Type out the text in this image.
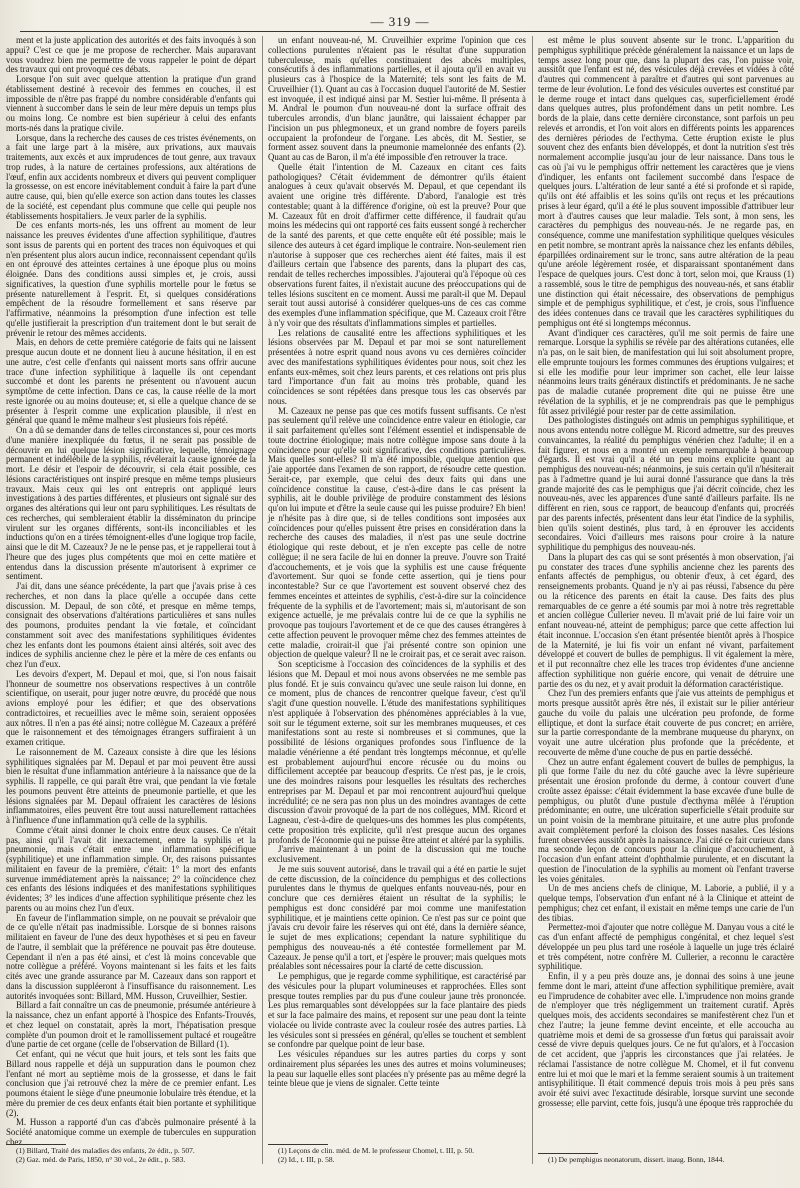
— 319 —

ment et la juste application des autorités et des faits invoqués à son appui? C'est ce que je me propose de rechercher. Mais auparavant vous voudrez bien me permettre de vous rappeler le point de départ des travaux qui ont provoqué ces débats.

Lorsque l'on suit avec quelque attention la pratique d'un grand établissement destiné à recevoir des femmes en couches, il est impossible de n'être pas frappé du nombre considérable d'enfants qui viennent à succomber dans le sein de leur mère depuis un temps plus ou moins long. Ce nombre est bien supérieur à celui des enfants morts-nés dans la pratique civile.

Lorsque, dans la recherche des causes de ces tristes événements, on a fait une large part à la misère, aux privations, aux mauvais traitements, aux excès et aux imprudences de tout genre, aux travaux trop rudes, à la nature de certaines professions, aux altérations de l'œuf, enfin aux accidents nombreux et divers qui peuvent compliquer la grossesse, on est encore inévitablement conduit à faire la part d'une autre cause, qui, bien qu'elle exerce son action dans toutes les classes de la société, est cependant plus commune que celle qui peuple nos établissements hospitaliers. Je veux parler de la syphilis.

De ces enfants morts-nés, les uns offrent au moment de leur naissance les preuves évidentes d'une affection syphilitique, d'autres sont issus de parents qui en portent des traces non équivoques et qui n'en présentent plus alors aucun indice, reconnaissent cependant qu'ils en ont éprouvé des atteintes certaines à une époque plus ou moins éloignée. Dans des conditions aussi simples et, je crois, aussi significatives, la question d'une syphilis mortelle pour le fœtus se présente naturellement à l'esprit. Et, si quelques considérations empêchent de la résoudre formellement et sans réserve par l'affirmative, néanmoins la présomption d'une infection est telle qu'elle justifierait la prescription d'un traitement dont le but serait de prévenir le retour des mêmes accidents.

Mais, en dehors de cette première catégorie de faits qui ne laissent presque aucun doute et ne donnent lieu à aucune hésitation, il en est une autre, c'est celle d'enfants qui naissent morts sans offrir aucune trace d'une infection syphilitique à laquelle ils ont cependant succombé et dont les parents ne présentent ou n'avouent aucun symptôme de cette infection. Dans ce cas, la cause réelle de la mort reste ignorée ou au moins douteuse; et, si elle a quelque chance de se présenter à l'esprit comme une explication plausible, il n'est en général que quand le même malheur s'est plusieurs fois répété.

On a dû se demander dans de telles circonstances si, pour ces morts d'une manière inexpliquée du fœtus, il ne serait pas possible de découvrir en lui quelque lésion significative, lequelle, témoignage permanent et indélébile de la syphilis, révélerait la cause ignorée de la mort. Le désir et l'espoir de découvrir, si cela était possible, ces lésions caractéristiques ont inspiré presque en même temps plusieurs travaux. Mais ceux qui les ont entrepris ont appliqué leurs investigations à des parties différentes, et plusieurs ont signalé sur des organes des altérations qui leur ont paru syphilitiques. Les résultats de ces recherches, qui sembleraient établir la disséminaton du principe virulent sur les organes différents, sont-ils inconciliables et les inductions qu'on en a tirées témoignent-elles d'une logique trop facile, ainsi que le dit M. Cazeaux? Je ne le pense pas, et je rappellerai tout à l'heure que des juges plus compétents que moi en cette matière et entendus dans la discussion présente m'autorisent à exprimer ce sentiment.

J'ai dit, dans une séance précédente, la part que j'avais prise à ces recherches, et non dans la place qu'elle a occupée dans cette discussion. M. Depaul, de son côté, et presque en même temps, consignait des observations d'altérations particulières et sans nulles des poumons, produites pendant la vie fœtale, et coïncidant constamment soit avec des manifestations syphilitiques évidentes chez les enfants dont les poumons étaient ainsi altérés, soit avec des indices de syphilis ancienne chez le père et la mère de ces enfants ou chez l'un d'eux.

Les devoirs d'expert, M. Depaul et moi, que, si l'on nous faisait l'honneur de soumettre nos observations respectives à un contrôle scientifique, on userait, pour juger notre œuvre, du procédé que nous avions employé pour les édifier; et que des observations contradictoires, et recueillies avec le même soin, seraient opposées aux nôtres. Il n'en a pas été ainsi; notre collègue M. Cazeaux a préféré que le raisonnement et des témoignages étrangers suffiraient à un examen critique.

Le raisonnement de M. Cazeaux consiste à dire que les lésions syphilitiques signalées par M. Depaul et par moi peuvent être aussi bien le résultat d'une inflammation antérieure à la naissance que de la syphilis. Il rappelle, ce qui paraît être vrai, que pendant la vie fœtale les poumons peuvent être atteints de pneumonie partielle, et que les lésions signalées par M. Depaul offraient les caractères de lésions inflammatoires, elles peuvent être tout aussi naturellement rattachées à l'influence d'une inflammation qu'à celle de la syphilis.

Comme c'était ainsi donner le choix entre deux causes. Ce n'était pas, ainsi qu'il l'avait dit inexactement, entre la syphilis et la pneumonie, mais c'était entre une inflammation spécifique (syphilitique) et une inflammation simple. Or, des raisons puissantes militaient en faveur de la première, c'était: 1° la mort des enfants survenue immédiatement après la naissance; 2° la coïncidence chez ces enfants des lésions indiquées et des manifestations syphilitiques évidentes; 3° les indices d'une affection syphilitique présente chez les parents ou au moins chez l'un d'eux.

En faveur de l'inflammation simple, on ne pouvait se prévaloir que de ce qu'elle n'était pas inadmissible. Lorsque de si bonnes raisons militaient en faveur de l'une des deux hypothèses et si peu en faveur de l'autre, il semblait que la préférence ne pouvait pas être douteuse. Cependant il n'en a pas été ainsi, et c'est là moins concevable que notre collègue a préféré. Voyons maintenant si les faits et les faits cités avec une grande assurance par M. Cazeaux dans son rapport et dans la discussion suppléeront à l'insuffisance du raisonnement. Les autorités invoquées sont: Billard, MM. Husson, Cruveilhier, Sestier.

Billard a fait connaître un cas de pneumonie, présumée antérieure à la naissance, chez un enfant apporté à l'hospice des Enfants-Trouvés, et chez lequel on constatait, après la mort, l'hépatisation presque complète d'un poumon droit et le ramollissement pultacé et rougeâtre d'une partie de cet organe (celle de l'observation de Billard (1).

Cet enfant, qui ne vécut que huit jours, et tels sont les faits que Billard nous rappelle et déjà un suppuration dans le poumon chez l'enfant né mort au septième mois de la grossesse, et dans le fait conclusion que j'ai retrouvé chez la mère de ce premier enfant. Les poumons étaient le siège d'une pneumonie lobulaire très étendue, et la mère du premier de ces deux enfants était bien portante et syphilitique (2).

M. Husson a rapporté d'un cas d'abcès pulmonaire présenté à la Société anatomique comme un exemple de tubercules en suppuration chez

(1) Billard, Traité des maladies des enfants, 2e édit., p. 507.

(2) Gaz. méd. de Paris, 1850, n° 30 vol., 2e édit., p. 583.

un enfant nouveau-né, M. Cruveilhier exprime l'opinion que ces collections purulentes n'étaient pas le résultat d'une suppuration tuberculeuse, mais qu'elles constituaient des abcès multiples, consécutifs à des inflammations partielles, et il ajouta qu'il en avait vu plusieurs cas à l'hospice de la Maternité; tels sont les faits de M. Cruveilhier (1). Quant au cas à l'occasion duquel l'autorité de M. Sestier est invoquée, il est indiqué ainsi par M. Sestier lui-même. Il présenta à M. Andral le poumon d'un nouveau-né dont la surface offrait des tubercules arrondis, d'un blanc jaunâtre, qui laissaient échapper par l'incision un pus phlegmoneux, et un grand nombre de foyers pareils occupaient la profondeur de l'organe. Les abcès, dit M. Sestier, se forment assez souvent dans la pneumonie mamelonnée des enfants (2). Quant au cas de Baron, il m'a été impossible d'en retrouver la trace.

Quelle était l'intention de M. Cazeaux en citant ces faits pathologiques? C'était évidemment de démontrer qu'ils étaient analogues à ceux qu'avait observés M. Depaul, et que cependant ils avaient une origine très différente. D'abord, l'analogie est très contestable; quant à la différence d'origine, où est la preuve? Pour que M. Cazeaux fût en droit d'affirmer cette différence, il faudrait qu'au moins les médecins qui ont rapporté ces faits eussent songé à rechercher de la santé des parents, et que cette enquête eût été possible; mais le silence des auteurs à cet égard implique le contraire. Non-seulement rien n'autorise à supposer que ces recherches aient été faites, mais il est d'ailleurs certain que l'absence des parents, dans la plupart des cas, rendait de telles recherches impossibles. J'ajouterai qu'à l'époque où ces observations furent faites, il n'existait aucune des préoccupations qui de telles lésions suscitent en ce moment. Aussi me paraît-il que M. Depaul serait tout aussi autorisé à considérer quelques-uns de ces cas comme des exemples d'une inflammation spécifique, que M. Cazeaux croit l'être à n'y voir que des résultats d'inflammations simples et partielles.

Les relations de causalité entre les affections syphilitiques et les lésions observées par M. Depaul et par moi se sont naturellement présentées à notre esprit quand nous avons vu ces dernières coïncider avec des manifestations syphilitiques évidentes pour nous, soit chez les enfants eux-mêmes, soit chez leurs parents, et ces relations ont pris plus tard l'importance d'un fait au moins très probable, quand les coïncidences se sont répétées dans presque tous les cas observés par nous.

M. Cazeaux ne pense pas que ces motifs fussent suffisants. Ce n'est pas seulement qu'il relève une coïncidence entre valeur en étiologie, car il sait parfaitement qu'elles sont l'élément essentiel et indispensable de toute doctrine étiologique; mais notre collègue impose sans doute à la coïncidence pour qu'elle soit significative, des conditions particulières. Mais quelles sont-elles? Il m'a été impossible, quelque attention que j'aie apportée dans l'examen de son rapport, de résoudre cette question. Serait-ce, par exemple, que celui des deux faits qui dans une coïncidence constitue la cause, c'est-à-dire dans le cas présent la syphilis, ait le double privilège de produire constamment des lésions qu'on lui impute et d'être la seule cause qui les puisse produire? Eh bien! je n'hésite pas à dire que, si de telles conditions sont imposées aux coïncidences pour qu'elles puissent être prises en considération dans la recherche des causes des maladies, il n'est pas une seule doctrine étiologique qui reste debout, et je n'en excepte pas celle de notre collègue; il ne sera facile de lui en donner la preuve. J'ouvre son Traité d'accouchements, et je vois que la syphilis est une cause fréquente d'avortement. Sur quoi se fonde cette assertion, qui je tiens pour incontestable? Sur ce que l'avortement est souvent observé chez des femmes enceintes et atteintes de syphilis, c'est-à-dire sur la coïncidence fréquente de la syphilis et de l'avortement; mais si, m'autorisant de son exigence actuelle, je me prévalais contre lui de ce que la syphilis ne provoque pas toujours l'avortement et de ce que des causes étrangères à cette affection peuvent le provoquer même chez des femmes atteintes de cette maladie, croirait-il que j'ai présenté contre son opinion une objection de quelque valeur? Il ne le croirait pas, et ce serait avec raison.

Son scepticisme à l'occasion des coïncidences de la syphilis et des lésions que M. Depaul et moi nous avons observées ne me semble pas plus fondé. Et je suis convaincu qu'avec une seule raison lui donne, en ce moment, plus de chances de rencontrer quelque faveur, c'est qu'il s'agit d'une question nouvelle. L'étude des manifestations syphilitiques n'est appliquée à l'observation des phénomènes appréciables à la vue, soit sur le tégument externe, soit sur les membranes muqueuses, et ces manifestations sont au reste si nombreuses et si communes, que la possibilité de lésions organiques profondes sous l'influence de la maladie vénérienne a été pendant très longtemps méconnue, et qu'elle est probablement aujourd'hui encore récusée ou du moins ou difficilement acceptée par beaucoup d'esprits. Ce n'est pas, je le crois, une des moindres raisons pour lesquelles les résultats des recherches entreprises par M. Depaul et par moi rencontrent aujourd'hui quelque incrédulité; ce ne sera pas non plus un des moindres avantages de cette discussion d'avoir provoqué de la part de nos collègues, MM. Ricord et Lagneau, c'est-à-dire de quelques-uns des hommes les plus compétents, cette proposition très explicite, qu'il n'est presque aucun des organes profonds de l'économie qui ne puisse être atteint et altéré par la syphilis.

J'arrive maintenant à un point de la discussion qui me touche exclusivement.

Je me suis souvent autorisé, dans le travail qui a été en partie le sujet de cette discussion, de la coïncidence du pemphigus et des collections purulentes dans le thymus de quelques enfants nouveau-nés, pour en conclure que ces dernières étaient un résultat de la syphilis; le pemphigus est donc considéré par moi comme une manifestation syphilitique, et je maintiens cette opinion. Ce n'est pas sur ce point que j'avais cru devoir faire les réserves qui ont été, dans la dernière séance, le sujet de mes explications; cependant la nature syphilitique du pemphigus des nouveau-nés a été contestée formellement par M. Cazeaux. Je pense qu'il a tort, et j'espère le prouver; mais quelques mots préalables sont nécessaires pour la clarté de cette discussion.

Le pemphigus, que je regarde comme syphilitique, est caractérisé par des vésicules pour la plupart volumineuses et rapprochées. Elles sont presque toutes remplies par du pus d'une couleur jaune très prononcée. Les plus remarquables sont développées sur la face plantaire des pieds et sur la face palmaire des mains, et reposent sur une peau dont la teinte violacée ou livide contraste avec la couleur rosée des autres parties. Là les vésicules sont si pressées en général, qu'elles se touchent et semblent se confondre par quelque point de leur base.

Les vésicules répandues sur les autres parties du corps y sont ordinairement plus séparées les unes des autres et moins volumineuses; la peau sur laquelle elles sont placées n'y présente pas au même degré la teinte bleue que je viens de signaler. Cette teinte

(1) Leçons de clin. méd. de M. le professeur Chomel, t. III, p. 50.

(2) Id., t. III, p. 58.

est même le plus souvent absente sur le tronc. L'apparition du pemphigus syphilitique précède généralement la naissance et un laps de temps assez long pour que, dans la plupart des cas, l'on puisse voir, aussitôt que l'enfant est né, des vésicules déjà crevées et vidées à côté d'autres qui commencent à paraître et d'autres qui sont parvenues au terme de leur évolution. Le fond des vésicules ouvertes est constitué par le derme rouge et intact dans quelques cas, superficiellement érodé dans quelques autres, plus profondément dans un petit nombre. Les bords de la plaie, dans cette dernière circonstance, sont parfois un peu relevés et arrondis, et l'on voit alors en différents points les apparences des dernières périodes de l'ecthyma. Cette éruption existe le plus souvent chez des enfants bien développés, et dont la nutrition s'est très normalement accomplie jusqu'au jour de leur naissance. Dans tous le cas où j'ai vu le pemphigus offrir nettement les caractères que je viens d'indiquer, les enfants ont facilement succombé dans l'espace de quelques jours. L'altération de leur santé a été si profonde et si rapide, qu'ils ont été affaiblis et les soins qu'ils ont reçus et les précautions prises à leur égard, qu'il a été le plus souvent impossible d'attribuer leur mort à d'autres causes que leur maladie. Tels sont, à mon sens, les caractères du pemphigus des nouveau-nés. Je ne regarde pas, en conséquence, comme une manifestation syphilitique quelques vésicules en petit nombre, se montrant après la naissance chez les enfants débiles, éparpillées ordinairement sur le tronc, sans autre altération de la peau qu'une aréole légèrement rosée, et disparaissant spontanément dans l'espace de quelques jours. C'est donc à tort, selon moi, que Krauss (1) a rassemblé, sous le titre de pemphigus des nouveau-nés, et sans établir une distinction qui était nécessaire, des observations de pemphigus simple et de pemphigus syphilitique, et c'est, je crois, sous l'influence des idées contenues dans ce travail que les caractères syphilitiques du pemphigus ont été si longtemps méconnus.

Avant d'indiquer ces caractères, qu'il me soit permis de faire une remarque. Lorsque la syphilis se révèle par des altérations cutanées, elle n'a pas, on le sait bien, de manifestation qui lui soit absolument propre, elle emprunte toujours les formes communes des éruptions vulgaires; et si elle les modifie pour leur imprimer son cachet, elle leur laisse néanmoins leurs traits généraux distinctifs et prédominants. Je ne sache pas de maladie cutanée proprement dite qui ne puisse être une révélation de la syphilis, et je ne comprendrais pas que le pemphigus fût assez privilégié pour rester par de cette assimilation.

Des pathologistes distingués ont admis un pemphigus syphilitique, et nous avons entendu notre collègue M. Ricord admettre, sur des preuves convaincantes, la réalité du pemphigus vénérien chez l'adulte; il en a fait figurer, et nous en a montré un exemple remarquable à beaucoup d'égards. Il est vrai qu'il a été un peu moins explicite quant au pemphigus des nouveau-nés; néanmoins, je suis certain qu'il n'hésiterait pas à l'admettre quand je lui aurai donné l'assurance que dans la très grande majorité des cas le pemphigus que j'ai décrit coïncide, chez les nouveau-nés, avec les apparences d'une santé d'ailleurs parfaite. Ils ne diffèrent en rien, sous ce rapport, de beaucoup d'enfants qui, procréés par des parents infectés, présentent dans leur état l'indice de la syphilis, bien qu'ils soient destinés, plus tard, à en éprouver les accidents secondaires. Voici d'ailleurs mes raisons pour croire à la nature syphilitique du pemphigus des nouveau-nés.

Dans la plupart des cas qui se sont présentés à mon observation, j'ai pu constater des traces d'une syphilis ancienne chez les parents des enfants affectés de pemphigus, ou obtenir d'eux, à cet égard, des renseignements probants. Quand je n'y ai pas réussi, l'absence du père ou la réticence des parents en était la cause. Des faits des plus remarquables de ce genre a été soumis par moi à notre très regrettable et ancien collègue Cullerier neveu. Il m'avait prié de lui faire voir un enfant nouveau-né, atteint de pemphigus; parce que cette affection lui était inconnue. L'occasion s'en étant présentée bientôt après à l'hospice de la Maternité, je lui fis voir un enfant né vivant, parfaitement développé et couvert de bulles de pemphigus. Il vit également la mère, et il put reconnaître chez elle les traces trop évidentes d'une ancienne affection syphilitique non guérie encore, qui venait de détruire une partie des os du nez, et y avait produit la déformation caractéristique.

Chez l'un des premiers enfants que j'aie vus atteints de pemphigus et morts presque aussitôt après être nés, il existait sur le pilier antérieur gauche du voile du palais une ulcération peu profonde, de forme elliptique, et dont la surface était couverte de pus concret; en arrière, sur la partie correspondante de la membrane muqueuse du pharynx, on voyait une autre ulcération plus profonde que la précédente, et recouverte de même d'une couche de pus en partie desséché.

Chez un autre enfant également couvert de bulles de pemphigus, la pli que forme l'aile du nez du côté gauche avec la lèvre supérieure présentait une érosion profonde du derme, à contour couvert d'une croûte assez épaisse: c'était évidemment la base excavée d'une bulle de pemphigus, ou plutôt d'une pustule d'ecthyma mêlée à l'éruption prédominante; en outre, une ulcération superficielle s'était produite sur un point voisin de la membrane pituitaire, et une autre plus profonde avait complètement perforé la cloison des fosses nasales. Ces lésions furent observées aussitôt après la naissance. J'ai cité ce fait curieux dans ma seconde leçon de concours pour la clinique d'accouchement, à l'occasion d'un enfant atteint d'ophthalmie purulente, et en discutant la question de l'inoculation de la syphilis au moment où l'enfant traverse les voies génitales.

Un de mes anciens chefs de clinique, M. Laborie, a publié, il y a quelque temps, l'observation d'un enfant né à la Clinique et atteint de pemphigus; chez cet enfant, il existait en même temps une carie de l'un des tibias.

Permettez-moi d'ajouter que notre collègue M. Danyau vous a cité le cas d'un enfant affecté de pemphigus congénital, et chez lequel s'est développée un peu plus tard une roséole à laquelle un juge très éclairé et très compétent, notre confrère M. Cullerier, a reconnu le caractère syphilitique.

Enfin, il y a peu près douze ans, je donnai des soins à une jeune femme dont le mari, atteint d'une affection syphilitique première, avait eu l'imprudence de cohabiter avec elle. L'imprudence non moins grande de n'employer que très négligemment un traitement curatif. Après quelques mois, des accidents secondaires se manifestèrent chez l'un et chez l'autre; la jeune femme devint enceinte, et elle accoucha au quatrième mois et demi de sa grossesse d'un fœtus qui paraissait avoir cessé de vivre depuis quelques jours. Ce ne fut qu'alors, et à l'occasion de cet accident, que j'appris les circonstances que j'ai relatées. Je réclamai l'assistance de notre collègue M. Chomel, et il fut convenu entre lui et moi que le mari et la femme seraient soumis à un traitement antisyphilitique. Il était commencé depuis trois mois à peu près sans avoir été suivi avec l'exactitude désirable, lorsque survint une seconde grossesse; elle parvint, cette fois, jusqu'à une époque très rapprochée du

(1) De pemphigus neonatorum, dissert. inaug. Bonn, 1844.
